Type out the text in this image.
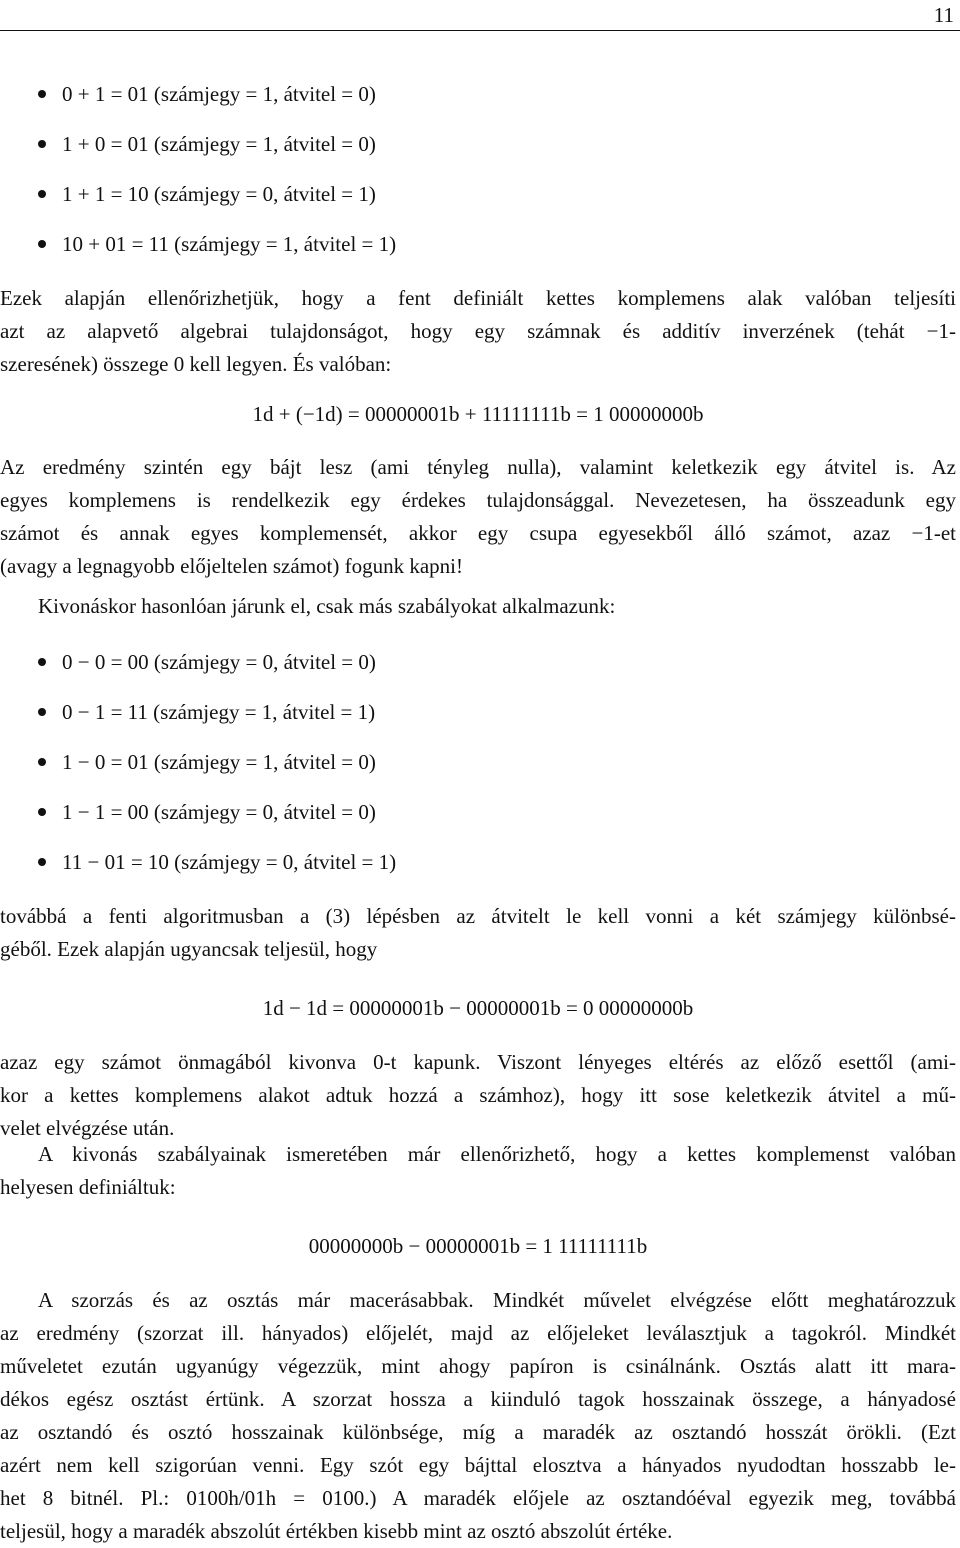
11
0 + 1 = 01 (számjegy = 1, átvitel = 0)
1 + 0 = 01 (számjegy = 1, átvitel = 0)
1 + 1 = 10 (számjegy = 0, átvitel = 1)
10 + 01 = 11 (számjegy = 1, átvitel = 1)
Ezek alapján ellenőrizhetjük, hogy a fent definiált kettes komplemens alak valóban teljesíti
azt az alapvető algebrai tulajdonságot, hogy egy számnak és additív inverzének (tehát −1-
szeresének) összege 0 kell legyen. És valóban:
1d + (−1d) = 00000001b + 11111111b = 1 00000000b
Az eredmény szintén egy bájt lesz (ami tényleg nulla), valamint keletkezik egy átvitel is. Az
egyes komplemens is rendelkezik egy érdekes tulajdonsággal. Nevezetesen, ha összeadunk egy
számot és annak egyes komplemensét, akkor egy csupa egyesekből álló számot, azaz −1-et
(avagy a legnagyobb előjeltelen számot) fogunk kapni!
Kivonáskor hasonlóan járunk el, csak más szabályokat alkalmazunk:
0 − 0 = 00 (számjegy = 0, átvitel = 0)
0 − 1 = 11 (számjegy = 1, átvitel = 1)
1 − 0 = 01 (számjegy = 1, átvitel = 0)
1 − 1 = 00 (számjegy = 0, átvitel = 0)
11 − 01 = 10 (számjegy = 0, átvitel = 1)
továbbá a fenti algoritmusban a (3) lépésben az átvitelt le kell vonni a két számjegy különbsé-
géből. Ezek alapján ugyancsak teljesül, hogy
1d − 1d = 00000001b − 00000001b = 0 00000000b
azaz egy számot önmagából kivonva 0-t kapunk. Viszont lényeges eltérés az előző esettől (ami-
kor a kettes komplemens alakot adtuk hozzá a számhoz), hogy itt sose keletkezik átvitel a mű-
velet elvégzése után.
A kivonás szabályainak ismeretében már ellenőrizhető, hogy a kettes komplemenst valóban
helyesen definiáltuk:
00000000b − 00000001b = 1 11111111b
A szorzás és az osztás már macerásabbak. Mindkét művelet elvégzése előtt meghatározzuk
az eredmény (szorzat ill. hányados) előjelét, majd az előjeleket leválasztjuk a tagokról. Mindkét
műveletet ezután ugyanúgy végezzük, mint ahogy papíron is csinálnánk. Osztás alatt itt mara-
dékos egész osztást értünk. A szorzat hossza a kiinduló tagok hosszainak összege, a hányadosé
az osztandó és osztó hosszainak különbsége, míg a maradék az osztandó hosszát örökli. (Ezt
azért nem kell szigorúan venni. Egy szót egy bájttal elosztva a hányados nyudodtan hosszabb le-
het 8 bitnél. Pl.: 0100h/01h = 0100.) A maradék előjele az osztandóéval egyezik meg, továbbá
teljesül, hogy a maradék abszolút értékben kisebb mint az osztó abszolút értéke.
